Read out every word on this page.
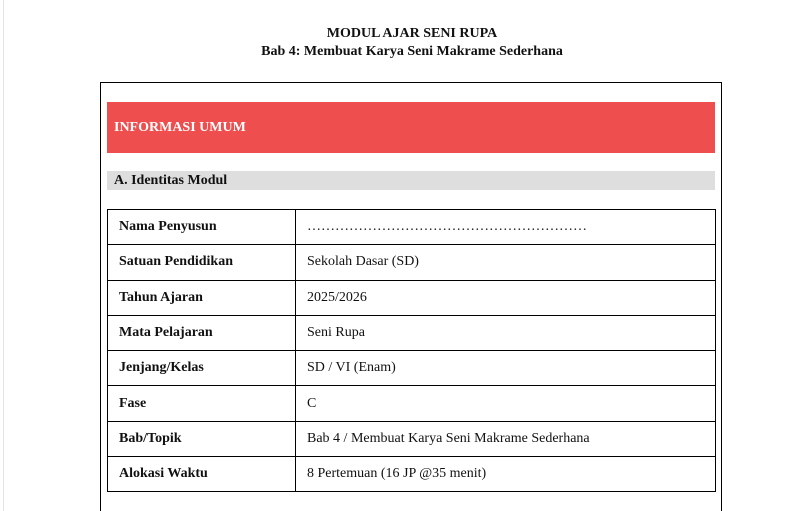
MODUL AJAR SENI RUPA
Bab 4: Membuat Karya Seni Makrame Sederhana
INFORMASI UMUM
A. Identitas Modul
Nama Penyusun	……………………………………………………
Satuan Pendidikan	Sekolah Dasar (SD)
Tahun Ajaran	2025/2026
Mata Pelajaran	Seni Rupa
Jenjang/Kelas	SD / VI (Enam)
Fase	C
Bab/Topik	Bab 4 / Membuat Karya Seni Makrame Sederhana
Alokasi Waktu	8 Pertemuan (16 JP @35 menit)
